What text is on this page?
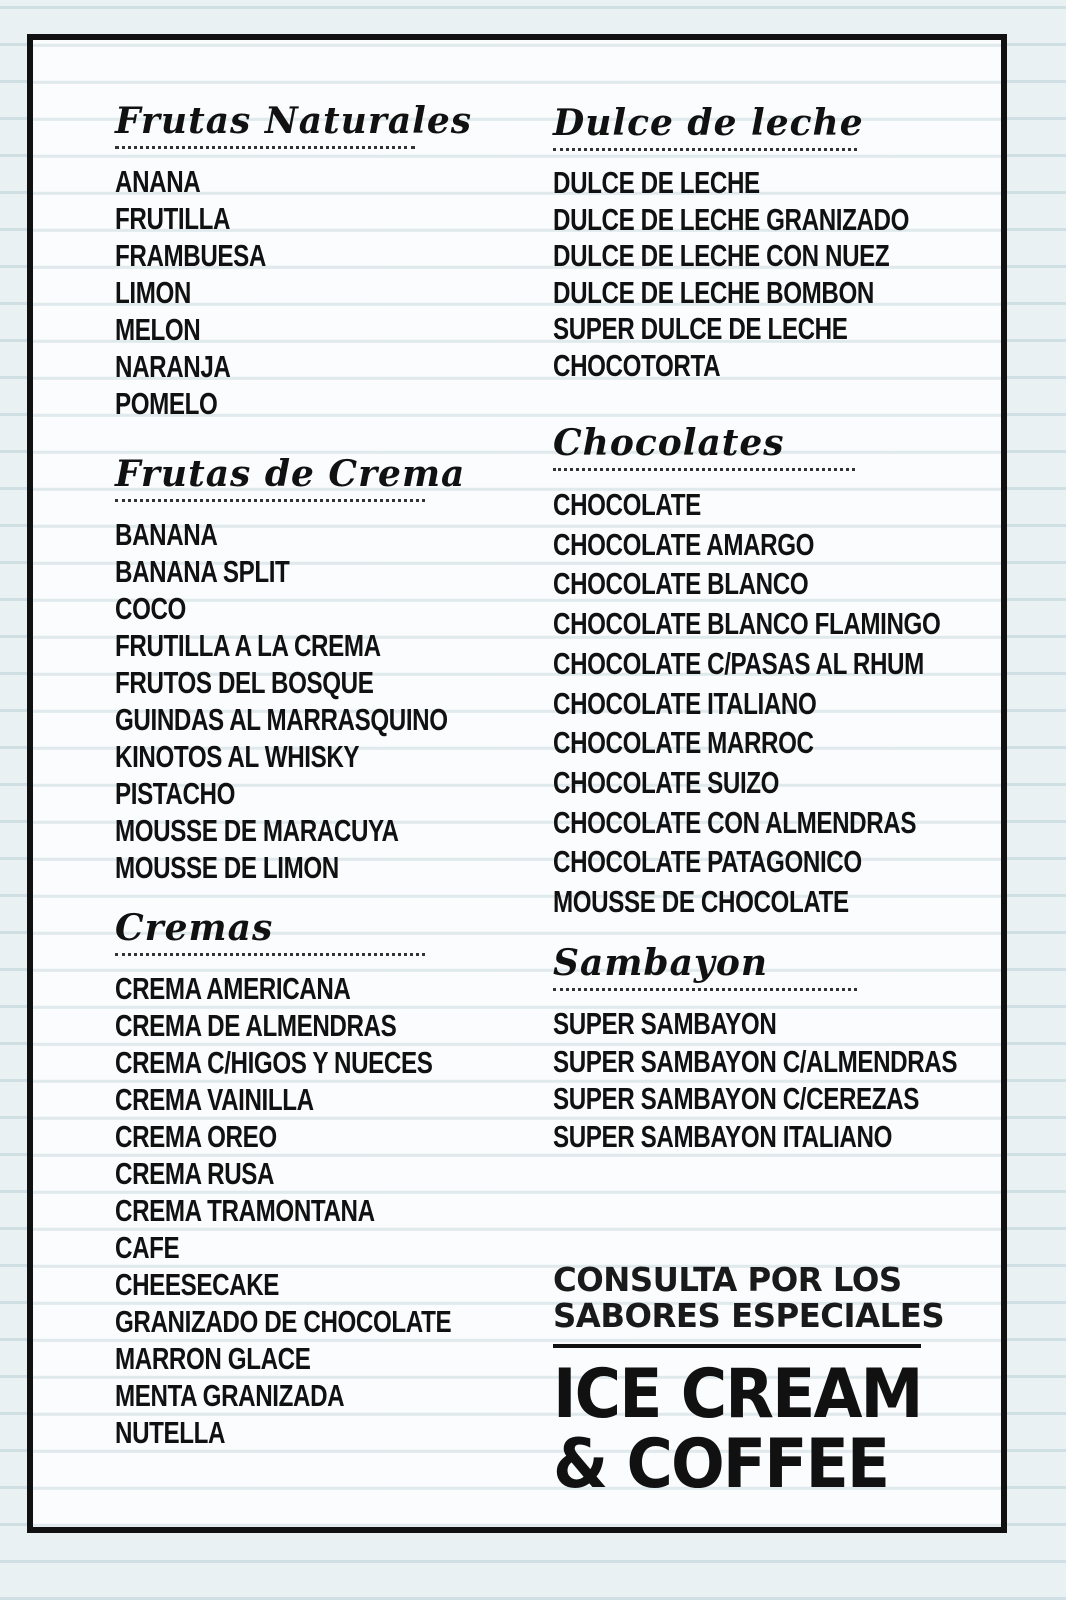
Frutas Naturales
ANANA
FRUTILLA
FRAMBUESA
LIMON
MELON
NARANJA
POMELO
Frutas de Crema
BANANA
BANANA SPLIT
COCO
FRUTILLA A LA CREMA
FRUTOS DEL BOSQUE
GUINDAS AL MARRASQUINO
KINOTOS AL WHISKY
PISTACHO
MOUSSE DE MARACUYA
MOUSSE DE LIMON
Cremas
CREMA AMERICANA
CREMA DE ALMENDRAS
CREMA C/HIGOS Y NUECES
CREMA VAINILLA
CREMA OREO
CREMA RUSA
CREMA TRAMONTANA
CAFE
CHEESECAKE
GRANIZADO DE CHOCOLATE
MARRON GLACE
MENTA GRANIZADA
NUTELLA
Dulce de leche
DULCE DE LECHE
DULCE DE LECHE GRANIZADO
DULCE DE LECHE CON NUEZ
DULCE DE LECHE BOMBON
SUPER DULCE DE LECHE
CHOCOTORTA
Chocolates
CHOCOLATE
CHOCOLATE AMARGO
CHOCOLATE BLANCO
CHOCOLATE BLANCO FLAMINGO
CHOCOLATE C/PASAS AL RHUM
CHOCOLATE ITALIANO
CHOCOLATE MARROC
CHOCOLATE SUIZO
CHOCOLATE CON ALMENDRAS
CHOCOLATE PATAGONICO
MOUSSE DE CHOCOLATE
Sambayon
SUPER SAMBAYON
SUPER SAMBAYON C/ALMENDRAS
SUPER SAMBAYON C/CEREZAS
SUPER SAMBAYON ITALIANO
CONSULTA POR LOS
SABORES ESPECIALES
ICE CREAM
& COFFEE
